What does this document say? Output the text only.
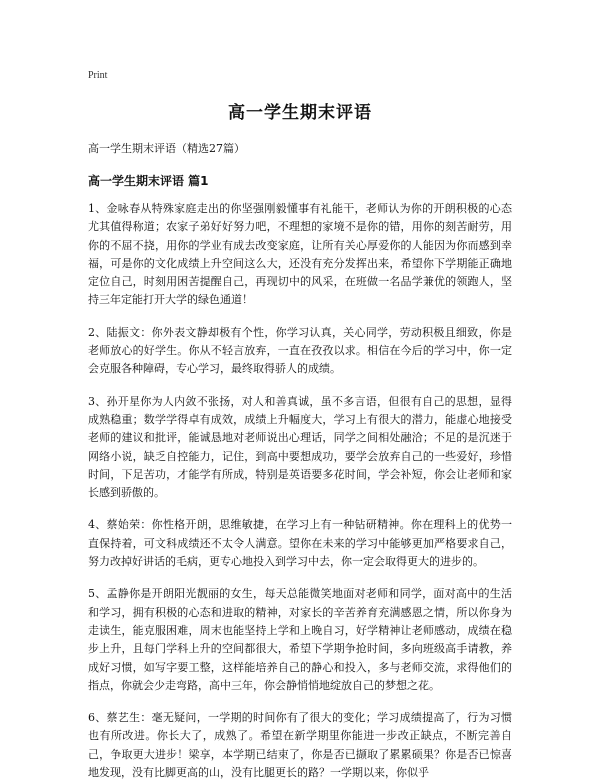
Print
高一学生期末评语
高一学生期末评语（精选27篇）
高一学生期末评语 篇1

1、金咏春从特殊家庭走出的你坚强刚毅懂事有礼能干，老师认为你的开朗积极的心态尤其值得称道；农家子弟好好努力吧，不理想的家境不是你的错，用你的刻苦耐劳，用你的不屈不挠，用你的学业有成去改变家庭，让所有关心厚爱你的人能因为你而感到幸福，可是你的文化成绩上升空间这么大，还没有充分发挥出来，希望你下学期能正确地定位自己，时刻用困苦提醒自己，再现切中的风采，在班做一名品学兼优的领跑人，坚持三年定能打开大学的绿色通道！

2、陆振文：你外表文静却极有个性，你学习认真，关心同学，劳动积极且细致，你是老师放心的好学生。你从不轻言放弃，一直在孜孜以求。相信在今后的学习中，你一定会克服各种障碍，专心学习，最终取得骄人的成绩。

3、孙开星你为人内敛不张扬，对人和善真诚，虽不多言语，但很有自己的思想，显得成熟稳重；数学学得卓有成效，成绩上升幅度大，学习上有很大的潜力，能虚心地接受老师的建议和批评，能诚恳地对老师说出心理话，同学之间相处融洽；不足的是沉迷于网络小说，缺乏自控能力，记住，到高中要想成功，要学会放弃自己的一些爱好，珍惜时间，下足苦功，才能学有所成，特别是英语要多花时间，学会补短，你会让老师和家长感到骄傲的。

4、蔡始荣：你性格开朗，思维敏捷，在学习上有一种钻研精神。你在理科上的优势一直保持着，可文科成绩还不太令人满意。望你在未来的学习中能够更加严格要求自己，努力改掉好讲话的毛病，更专心地投入到学习中去，你一定会取得更大的进步的。

5、孟静你是开朗阳光靓丽的女生，每天总能微笑地面对老师和同学，面对高中的生活和学习，拥有积极的心态和进取的精神，对家长的辛苦养育充满感恩之情，所以你身为走读生，能克服困难，周末也能坚持上学和上晚自习，好学精神让老师感动，成绩在稳步上升，且每门学科上升的空间都很大，希望下学期争抢时间，多向班级高手请教，养成好习惯，如写字要工整，这样能培养自己的静心和投入，多与老师交流，求得他们的指点，你就会少走弯路，高中三年，你会静悄悄地绽放自己的梦想之花。

6、蔡艺生：毫无疑问，一学期的时间你有了很大的变化；学习成绩提高了，行为习惯也有所改进。你长大了，成熟了。希望在新学期里你能进一步改正缺点，不断完善自己，争取更大进步！梁享，本学期已结束了，你是否已撷取了累累硕果？你是否已惊喜地发现，没有比脚更高的山，没有比腿更长的路？一学期以来，你似乎
